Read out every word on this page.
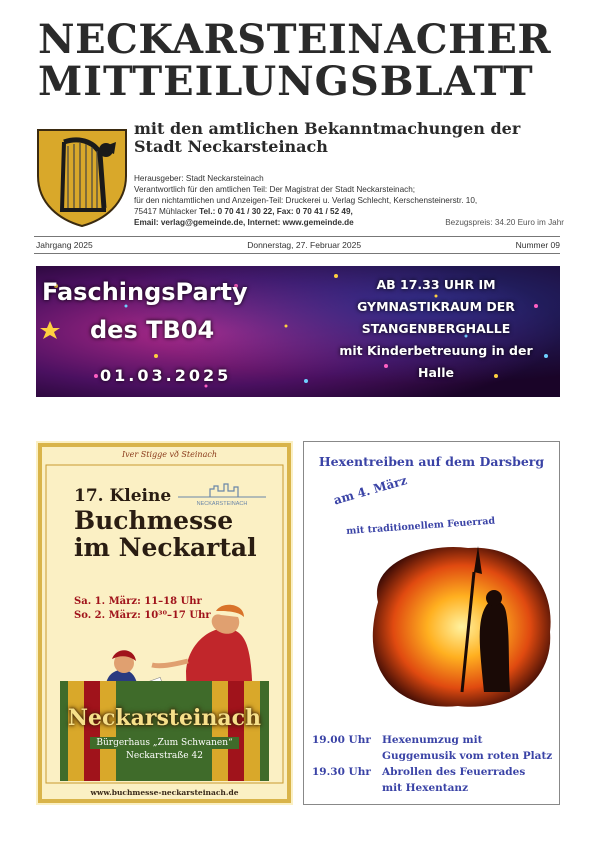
NECKARSTEINACHER
MITTEILUNGSBLATT
mit den amtlichen Bekanntmachungen der
Stadt Neckarsteinach
Herausgeber: Stadt Neckarsteinach
Verantwortlich für den amtlichen Teil: Der Magistrat der Stadt Neckarsteinach;
für den nichtamtlichen und Anzeigen-Teil: Druckerei u. Verlag Schlecht, Kerschensteinerstr. 10,
75417 Mühlacker Tel.: 0 70 41 / 30 22, Fax: 0 70 41 / 52 49,
Email: verlag@gemeinde.de, Internet: www.gemeinde.de	Bezugspreis: 34.20 Euro im Jahr
Jahrgang 2025	Donnerstag, 27. Februar 2025	Nummer 09
FaschingsParty
des TB04
01.03.2025
AB 17.33 UHR IM
GYMNASTIKRAUM DER
STANGENBERGHALLE
mit Kinderbetreuung in der
Halle
Iver Stigge vð Steinach
NECKARSTEINACH
17. Kleine
Buchmesse
im Neckartal
Sa. 1. März: 11–18 Uhr
So. 2. März: 10³⁰–17 Uhr
Neckarsteinach
Bürgerhaus „Zum Schwanen“
Neckarstraße 42
www.buchmesse-neckarsteinach.de
Hexentreiben auf dem Darsberg
am 4. März
mit traditionellem Feuerrad
19.00 Uhr	Hexenumzug mit
Guggemusik vom roten Platz
19.30 Uhr	Abrollen des Feuerrades
mit Hexentanz
